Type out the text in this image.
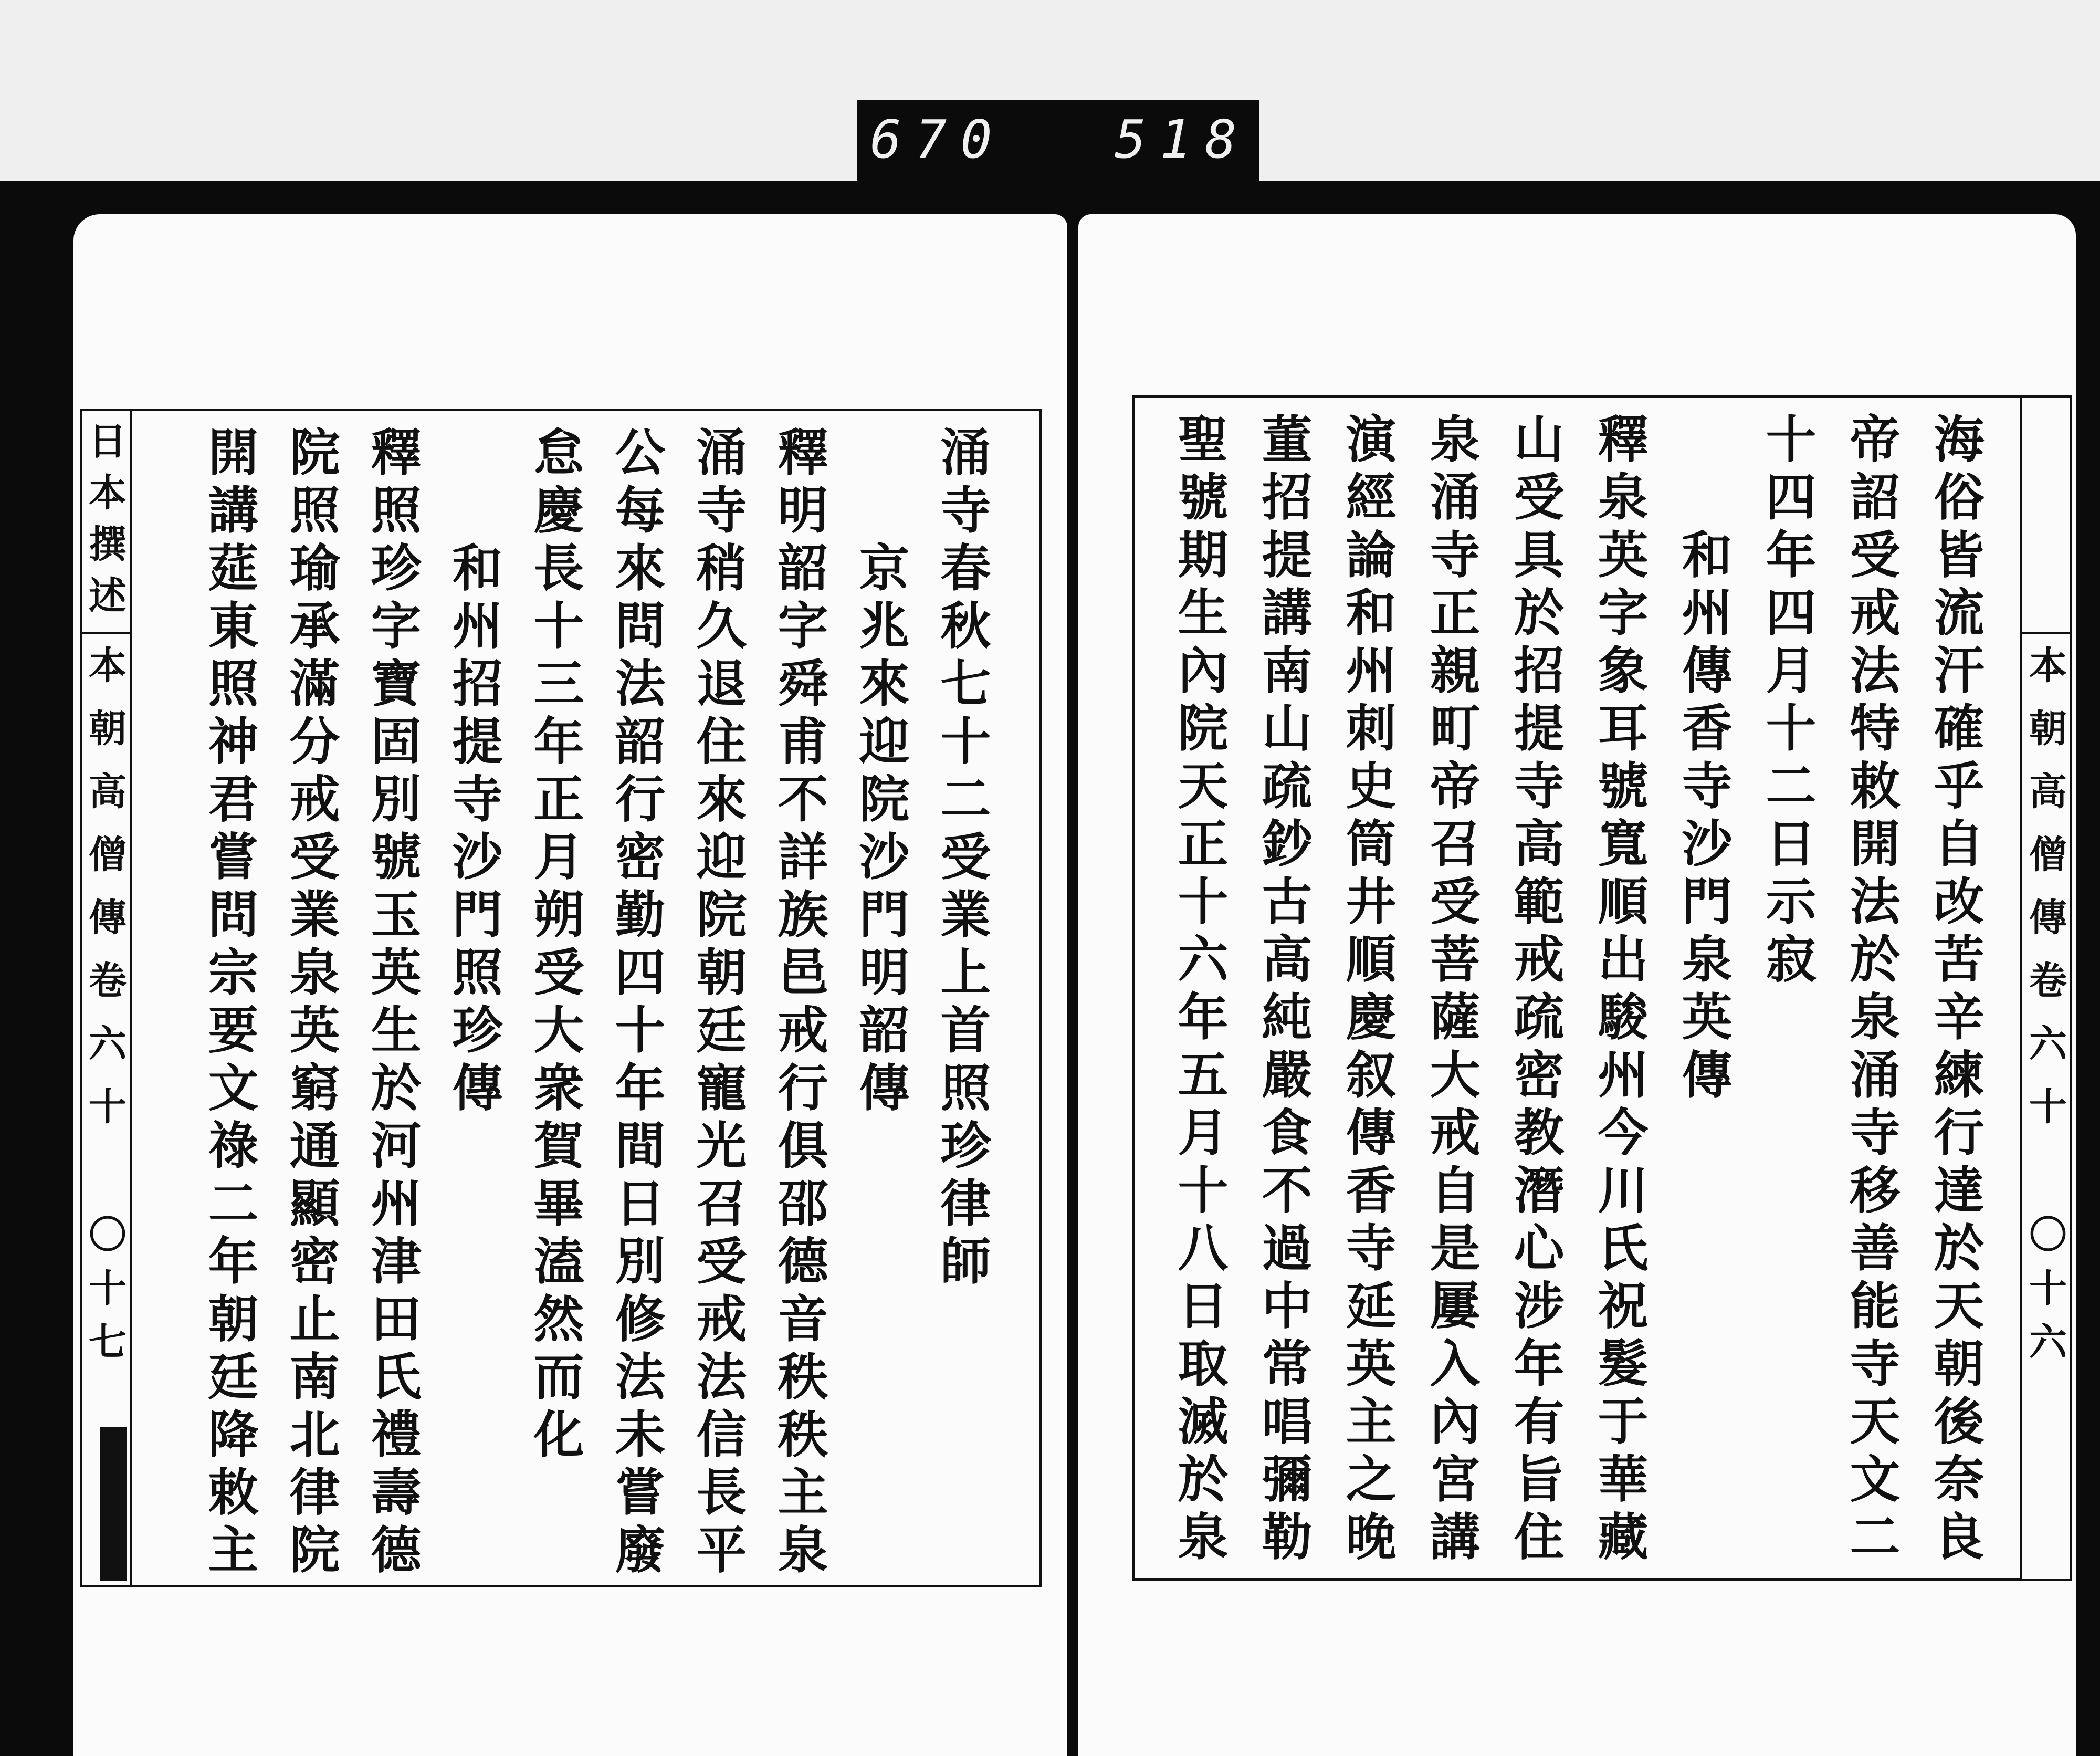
670 518
日本撰述
本朝高僧傳卷六十
〇十七
涌寺春秋七十二受業上首照珍律師
京兆來迎院沙門明韶傳
釋明韶字舜甫不詳族邑戒行俱邵德音秩秩主泉
涌寺稍久退住來迎院朝廷寵光召受戒法信長平
公每來問法韶行密勤四十年間日別修法未嘗廢
怠慶長十三年正月朔受大衆賀畢溘然而化
和州招提寺沙門照珍傳
釋照珍字寶固別號玉英生於河州津田氏禮壽德
院照瑜承滿分戒受業泉英窮通顯密止南北律院
開講莚東照神君嘗問宗要文祿二年朝廷降敕主	海俗皆流汗確乎自改苦辛練行達於天朝後奈良
帝詔受戒法特敕開法於泉涌寺移善能寺天文二
十四年四月十二日示寂
和州傳香寺沙門泉英傳
釋泉英字象耳號寬順出駿州今川氏祝髮于華藏
山受具於招提寺高範戒疏密教潛心涉年有旨住
泉涌寺正親町帝召受菩薩大戒自是屢入內宮講
演經論和州刺史筒井順慶叙傳香寺延英主之晚
董招提講南山疏鈔古高純嚴食不過中常唱彌勒
聖號期生內院天正十六年五月十八日取滅於泉	本朝高僧傳卷六十
〇十六
